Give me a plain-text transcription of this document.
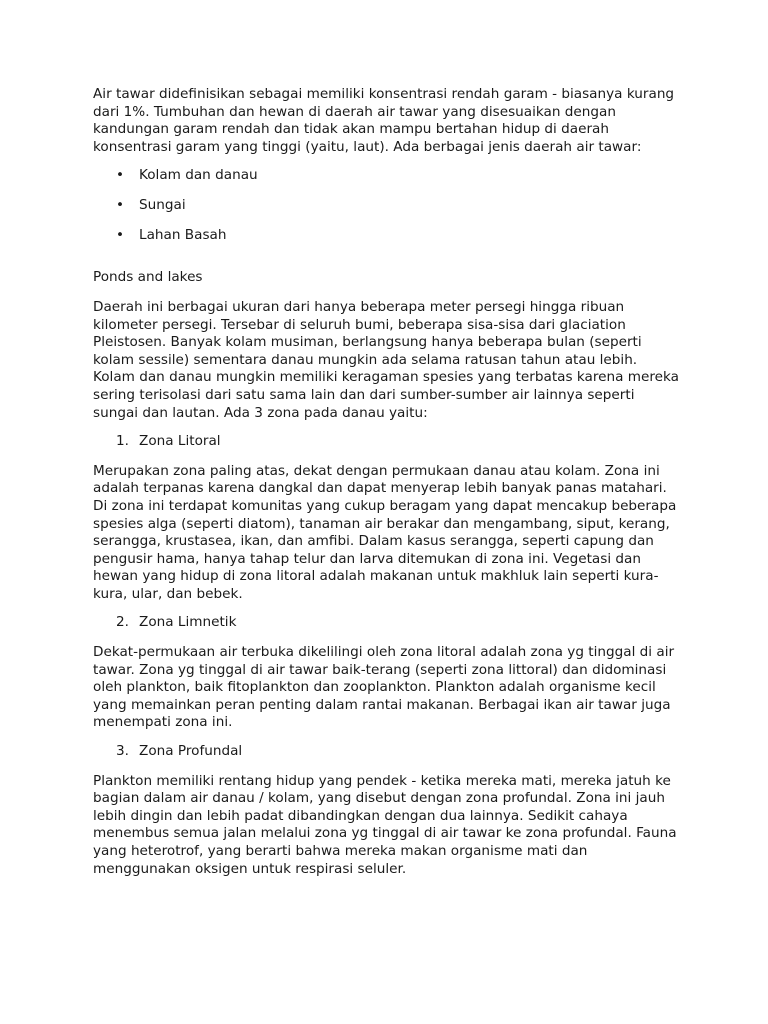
Air tawar didefinisikan sebagai memiliki konsentrasi rendah garam - biasanya kurang dari 1%. Tumbuhan dan hewan di daerah air tawar yang disesuaikan dengan kandungan garam rendah dan tidak akan mampu bertahan hidup di daerah konsentrasi garam yang tinggi (yaitu, laut). Ada berbagai jenis daerah air tawar:

• Kolam dan danau
• Sungai
• Lahan Basah

Ponds and lakes

Daerah ini berbagai ukuran dari hanya beberapa meter persegi hingga ribuan kilometer persegi. Tersebar di seluruh bumi, beberapa sisa-sisa dari glaciation Pleistosen. Banyak kolam musiman, berlangsung hanya beberapa bulan (seperti kolam sessile) sementara danau mungkin ada selama ratusan tahun atau lebih. Kolam dan danau mungkin memiliki keragaman spesies yang terbatas karena mereka sering terisolasi dari satu sama lain dan dari sumber-sumber air lainnya seperti sungai dan lautan. Ada 3 zona pada danau yaitu:

1. Zona Litoral

Merupakan zona paling atas, dekat dengan permukaan danau atau kolam. Zona ini adalah terpanas karena dangkal dan dapat menyerap lebih banyak panas matahari. Di zona ini terdapat komunitas yang cukup beragam yang dapat mencakup beberapa spesies alga (seperti diatom), tanaman air berakar dan mengambang, siput, kerang, serangga, krustasea, ikan, dan amfibi. Dalam kasus serangga, seperti capung dan pengusir hama, hanya tahap telur dan larva ditemukan di zona ini. Vegetasi dan hewan yang hidup di zona litoral adalah makanan untuk makhluk lain seperti kura-kura, ular, dan bebek.

2. Zona Limnetik

Dekat-permukaan air terbuka dikelilingi oleh zona litoral adalah zona yg tinggal di air tawar. Zona yg tinggal di air tawar baik-terang (seperti zona littoral) dan didominasi oleh plankton, baik fitoplankton dan zooplankton. Plankton adalah organisme kecil yang memainkan peran penting dalam rantai makanan. Berbagai ikan air tawar juga menempati zona ini.

3. Zona Profundal

Plankton memiliki rentang hidup yang pendek - ketika mereka mati, mereka jatuh ke bagian dalam air danau / kolam, yang disebut dengan zona profundal. Zona ini jauh lebih dingin dan lebih padat dibandingkan dengan dua lainnya. Sedikit cahaya menembus semua jalan melalui zona yg tinggal di air tawar ke zona profundal. Fauna yang heterotrof, yang berarti bahwa mereka makan organisme mati dan menggunakan oksigen untuk respirasi seluler.
